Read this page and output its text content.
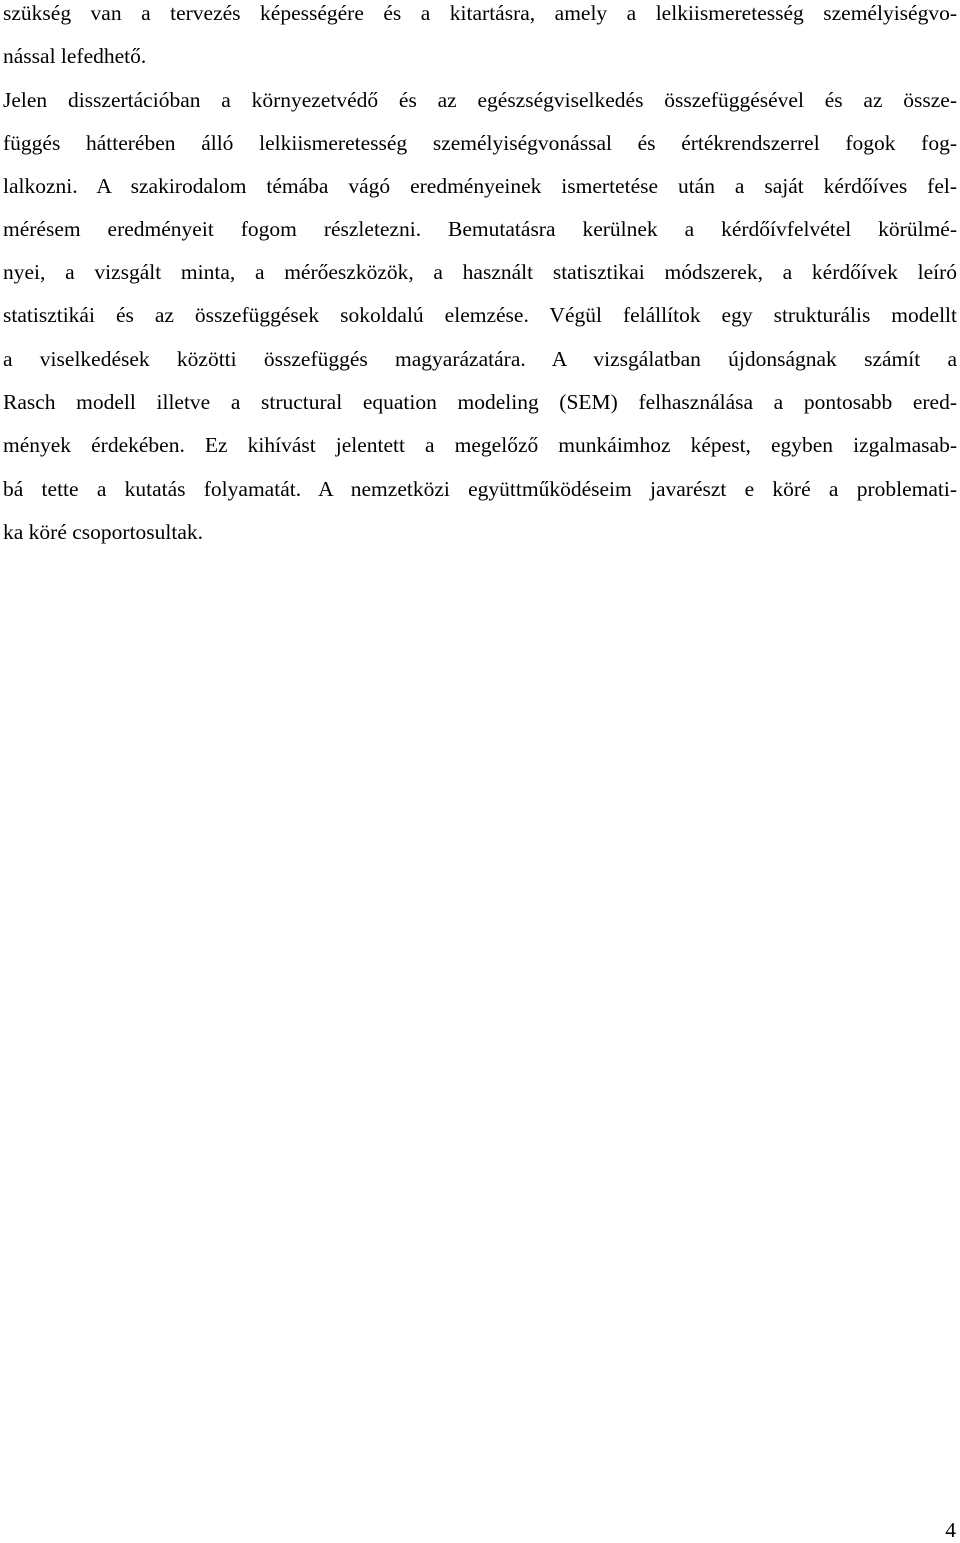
szükség van a tervezés képességére és a kitartásra, amely a lelkiismeretesség személyiségvo-
nással lefedhető.
Jelen disszertációban a környezetvédő és az egészségviselkedés összefüggésével és az össze-
függés hátterében álló lelkiismeretesség személyiségvonással és értékrendszerrel fogok fog-
lalkozni. A szakirodalom témába vágó eredményeinek ismertetése után a saját kérdőíves fel-
mérésem eredményeit fogom részletezni. Bemutatásra kerülnek a kérdőívfelvétel körülmé-
nyei, a vizsgált minta, a mérőeszközök, a használt statisztikai módszerek, a kérdőívek leíró
statisztikái és az összefüggések sokoldalú elemzése. Végül felállítok egy strukturális modellt
a viselkedések közötti összefüggés magyarázatára. A vizsgálatban újdonságnak számít a
Rasch modell illetve a structural equation modeling (SEM) felhasználása a pontosabb ered-
mények érdekében. Ez kihívást jelentett a megelőző munkáimhoz képest, egyben izgalmasab-
bá tette a kutatás folyamatát. A nemzetközi együttműködéseim javarészt e köré a problemati-
ka köré csoportosultak.
4
